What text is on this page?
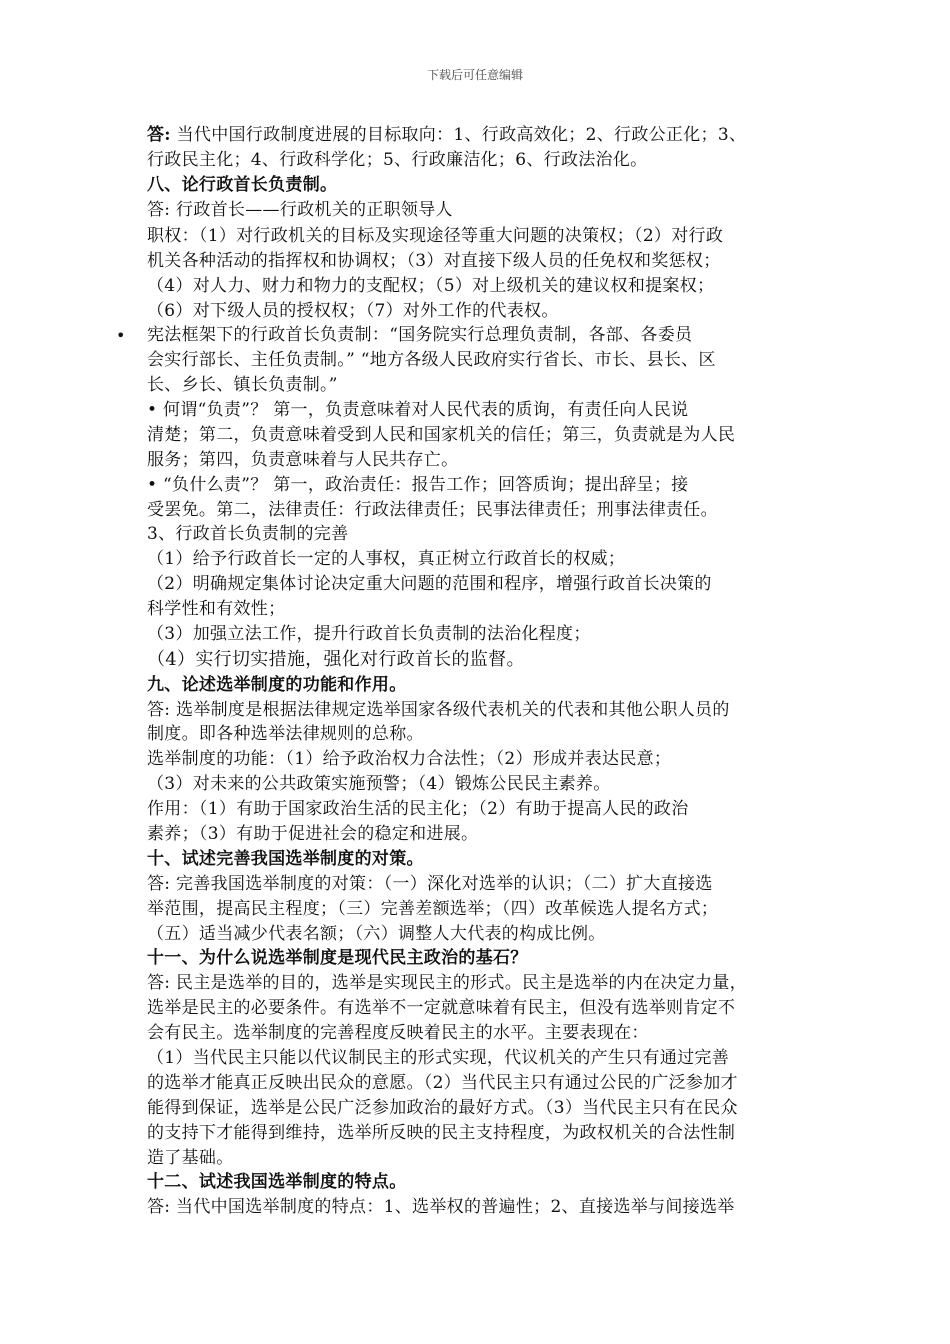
下载后可任意编辑
•
答: 当代中国行政制度进展的目标取向：1、行政高效化；2、行政公正化；3、
行政民主化；4、行政科学化；5、行政廉洁化；6、行政法治化。
八、论行政首长负责制。
答: 行政首长——行政机关的正职领导人
职权：（1）对行政机关的目标及实现途径等重大问题的决策权；（2）对行政
机关各种活动的指挥权和协调权；（3）对直接下级人员的任免权和奖惩权；
（4）对人力、财力和物力的支配权；（5）对上级机关的建议权和提案权；
（6）对下级人员的授权权；（7）对外工作的代表权。
宪法框架下的行政首长负责制：“国务院实行总理负责制，各部、各委员
会实行部长、主任负责制。” “地方各级人民政府实行省长、市长、县长、区
长、乡长、镇长负责制。”
• 何谓“负责”？ 第一，负责意味着对人民代表的质询，有责任向人民说
清楚；第二，负责意味着受到人民和国家机关的信任；第三，负责就是为人民
服务；第四，负责意味着与人民共存亡。
• “负什么责”？ 第一，政治责任：报告工作；回答质询；提出辞呈；接
受罢免。第二，法律责任：行政法律责任；民事法律责任；刑事法律责任。
3、行政首长负责制的完善
（1）给予行政首长一定的人事权，真正树立行政首长的权威；
（2）明确规定集体讨论决定重大问题的范围和程序，增强行政首长决策的
科学性和有效性；
（3）加强立法工作，提升行政首长负责制的法治化程度；
（4）实行切实措施，强化对行政首长的监督。
九、论述选举制度的功能和作用。
答: 选举制度是根据法律规定选举国家各级代表机关的代表和其他公职人员的
制度。即各种选举法律规则的总称。
选举制度的功能：（1）给予政治权力合法性；（2）形成并表达民意；
（3）对未来的公共政策实施预警；（4）锻炼公民民主素养。
作用：（1）有助于国家政治生活的民主化；（2）有助于提高人民的政治
素养；（3）有助于促进社会的稳定和进展。
十、试述完善我国选举制度的对策。
答: 完善我国选举制度的对策：（一）深化对选举的认识；（二）扩大直接选
举范围，提高民主程度；（三）完善差额选举；（四）改革候选人提名方式；
（五）适当减少代表名额；（六）调整人大代表的构成比例。
十一、为什么说选举制度是现代民主政治的基石？
答: 民主是选举的目的，选举是实现民主的形式。民主是选举的内在决定力量，
选举是民主的必要条件。有选举不一定就意味着有民主，但没有选举则肯定不
会有民主。选举制度的完善程度反映着民主的水平。主要表现在：
（1）当代民主只能以代议制民主的形式实现，代议机关的产生只有通过完善
的选举才能真正反映出民众的意愿。（2）当代民主只有通过公民的广泛参加才
能得到保证，选举是公民广泛参加政治的最好方式。（3）当代民主只有在民众
的支持下才能得到维持，选举所反映的民主支持程度，为政权机关的合法性制
造了基础。
十二、试述我国选举制度的特点。
答: 当代中国选举制度的特点：1、选举权的普遍性；2、直接选举与间接选举
